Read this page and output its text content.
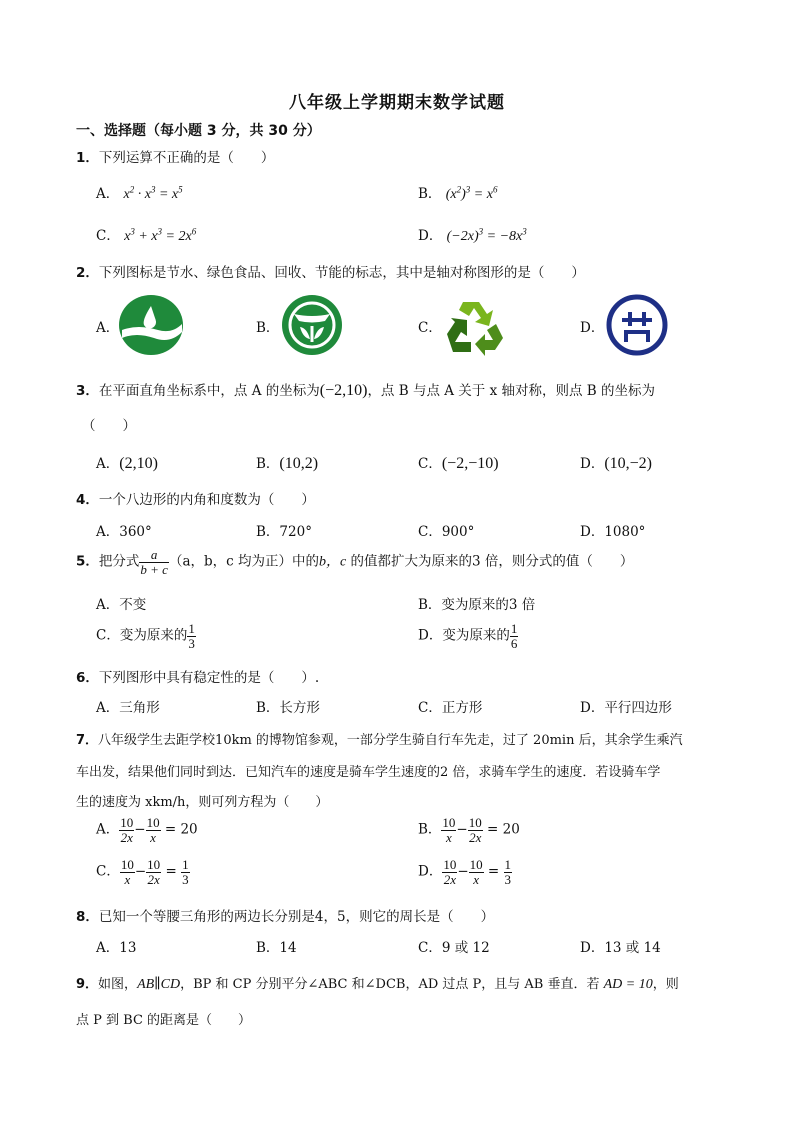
八年级上学期期末数学试题
一、选择题（每小题 3 分，共 30 分）
1．下列运算不正确的是（　　）
A． $x^2 \cdot x^3 = x^5$	B． $(x^2)^3 = x^6$
C． $x^3 + x^3 = 2x^6$	D． $(-2x)^3 = -8x^3$
2．下列图标是节水、绿色食品、回收、节能的标志，其中是轴对称图形的是（　　）
A．	B．	C．	D．
3．在平面直角坐标系中，点 A 的坐标为(−2,10)，点 B 与点 A 关于 x 轴对称，则点 B 的坐标为
（　　）
A．(2,10)	B．(10,2)	C．(−2,−10)	D．(10,−2)
4．一个八边形的内角和度数为（　　）
A．360°	B．720°	C．900°	D．1080°
5．把分式 $\frac{a}{b + c} (a$，b，c 均为正）中的b，c 的值都扩大为原来的3 倍，则分式的值（　　）
A．不变	B．变为原来的3 倍
C．变为原来的 $\frac{1}{3}$	D．变为原来的 $\frac{1}{6}$
6．下列图形中具有稳定性的是（　　）.
A．三角形	B．长方形	C．正方形	D．平行四边形
7．八年级学生去距学校10km 的博物馆参观，一部分学生骑自行车先走，过了 20min 后，其余学生乘汽
车出发，结果他们同时到达．已知汽车的速度是骑车学生速度的2 倍，求骑车学生的速度．若设骑车学
生的速度为 xkm/h，则可列方程为（　　）
A． $\frac{10}{2x} - \frac{10}{x} = 20$	B． $\frac{10}{x} - \frac{10}{2x} = 20$
C． $\frac{10}{x} - \frac{10}{2x} = \frac{1}{3}$	D． $\frac{10}{2x} - \frac{10}{x} = \frac{1}{3}$
8．已知一个等腰三角形的两边长分别是4，5，则它的周长是（　　）
A．13	B．14	C．9 或 12	D．13 或 14
9．如图，AB∥CD，BP 和 CP 分别平分∠ABC 和∠DCB，AD 过点 P，且与 AB 垂直．若 AD = 10，则
点 P 到 BC 的距离是（　　）
